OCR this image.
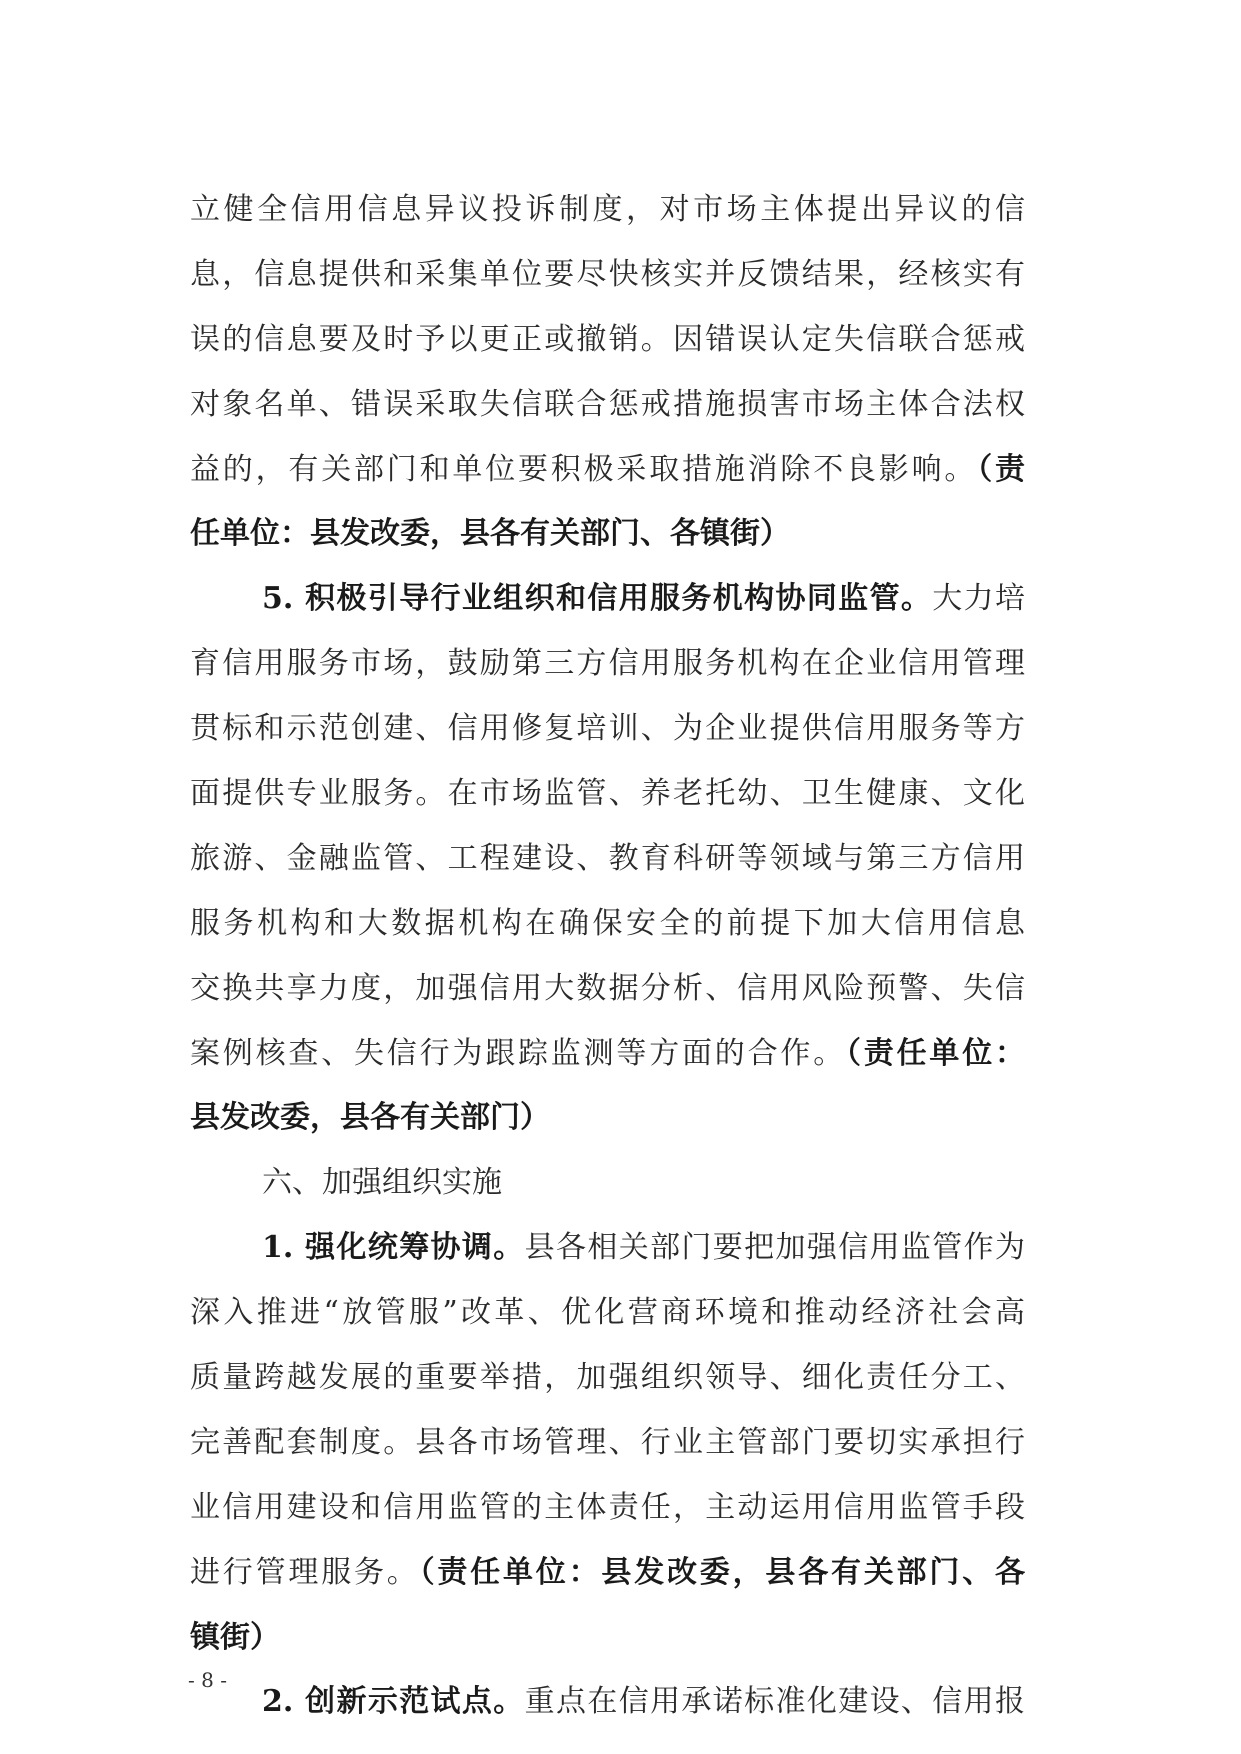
立健全信用信息异议投诉制度，对市场主体提出异议的信
息，信息提供和采集单位要尽快核实并反馈结果，经核实有
误的信息要及时予以更正或撤销。因错误认定失信联合惩戒
对象名单、错误采取失信联合惩戒措施损害市场主体合法权
益的，有关部门和单位要积极采取措施消除不良影响。（责
任单位：县发改委，县各有关部门、各镇街）
5. 积极引导行业组织和信用服务机构协同监管。大力培
育信用服务市场，鼓励第三方信用服务机构在企业信用管理
贯标和示范创建、信用修复培训、为企业提供信用服务等方
面提供专业服务。在市场监管、养老托幼、卫生健康、文化
旅游、金融监管、工程建设、教育科研等领域与第三方信用
服务机构和大数据机构在确保安全的前提下加大信用信息
交换共享力度，加强信用大数据分析、信用风险预警、失信
案例核查、失信行为跟踪监测等方面的合作。（责任单位：
县发改委，县各有关部门）
六、加强组织实施
1. 强化统筹协调。县各相关部门要把加强信用监管作为
深入推进“放管服”改革、优化营商环境和推动经济社会高
质量跨越发展的重要举措，加强组织领导、细化责任分工、
完善配套制度。县各市场管理、行业主管部门要切实承担行
业信用建设和信用监管的主体责任，主动运用信用监管手段
进行管理服务。（责任单位：县发改委，县各有关部门、各
镇街）
2. 创新示范试点。重点在信用承诺标准化建设、信用报
- 8 -
